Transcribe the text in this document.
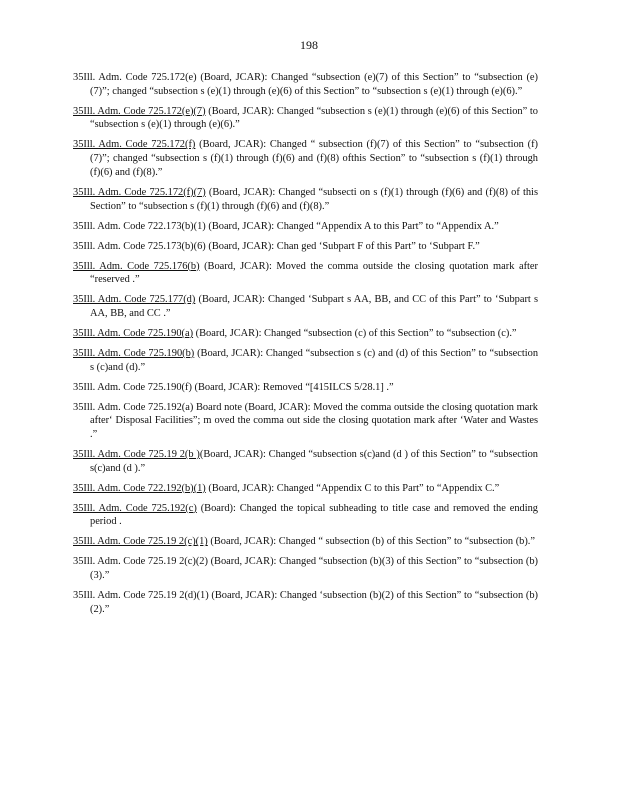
198
35Ill. Adm. Code 725.172(e) (Board, JCAR): Changed “subsection (e)(7) of this Section” to “subsection (e)(7)”; changed “subsection s (e)(1) through (e)(6) of this Section” to “subsection s (e)(1) through (e)(6).”
35Ill. Adm. Code 725.172(e)(7) (Board, JCAR): Changed “subsection s (e)(1) through (e)(6) of this Section” to “subsection s (e)(1) through (e)(6).”
35Ill. Adm. Code 725.172(f) (Board, JCAR): Changed “ subsection (f)(7) of this Section” to “subsection (f)(7)”; changed “subsection s (f)(1) through (f)(6) and (f)(8) ofthis Section” to “subsection s (f)(1) through (f)(6) and (f)(8).”
35Ill. Adm. Code 725.172(f)(7) (Board, JCAR): Changed “subsecti on s (f)(1) through (f)(6) and (f)(8) of this Section” to “subsection s (f)(1) through (f)(6) and (f)(8).”
35Ill. Adm. Code 722.173(b)(1) (Board, JCAR): Changed “Appendix A to this Part” to “Appendix A.”
35Ill. Adm. Code 725.173(b)(6) (Board, JCAR): Chan ged ‘Subpart F of this Part” to ‘Subpart F.”
35Ill. Adm. Code 725.176(b) (Board, JCAR): Moved the comma outside the closing quotation mark after “reserved .”
35Ill. Adm. Code 725.177(d) (Board, JCAR): Changed ‘Subpart s AA, BB, and CC of this Part” to ‘Subpart s AA, BB, and CC .”
35Ill. Adm. Code 725.190(a) (Board, JCAR): Changed “subsection (c) of this Section” to “subsection (c).”
35Ill. Adm. Code 725.190(b) (Board, JCAR): Changed “subsection s (c) and (d) of this Section” to “subsection s (c)and (d).”
35Ill. Adm. Code 725.190(f) (Board, JCAR): Removed “[415ILCS 5/28.1] .”
35Ill. Adm. Code 725.192(a) Board note (Board, JCAR): Moved the comma outside the closing quotation mark after‘ Disposal Facilities”; m oved the comma out side the closing quotation mark after ‘Water and Wastes .”
35Ill. Adm. Code 725.19 2(b )(Board, JCAR): Changed “subsection s(c)and (d ) of this Section” to “subsection s(c)and (d ).”
35Ill. Adm. Code 722.192(b)(1) (Board, JCAR): Changed “Appendix C to this Part” to “Appendix C.”
35Ill. Adm. Code 725.192(c) (Board): Changed the topical subheading to title case and removed the ending period .
35Ill. Adm. Code 725.19 2(c)(1) (Board, JCAR): Changed “ subsection (b) of this Section” to “subsection (b).”
35Ill. Adm. Code 725.19 2(c)(2) (Board, JCAR): Changed “subsection (b)(3) of this Section” to “subsection (b)(3).”
35Ill. Adm. Code 725.19 2(d)(1) (Board, JCAR): Changed ‘subsection (b)(2) of this Section” to “subsection (b)(2).”
